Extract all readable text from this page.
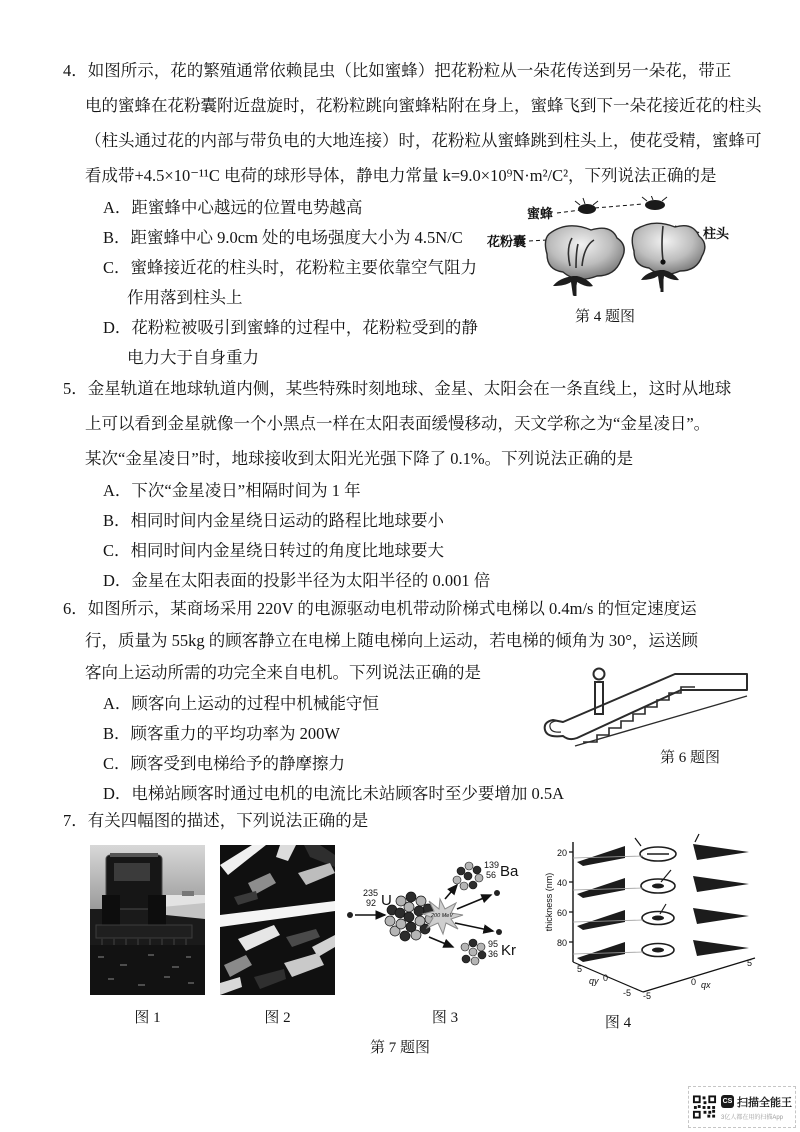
4．如图所示，花的繁殖通常依赖昆虫（比如蜜蜂）把花粉粒从一朵花传送到另一朵花，带正
电的蜜蜂在花粉囊附近盘旋时，花粉粒跳向蜜蜂粘附在身上，蜜蜂飞到下一朵花接近花的柱头
（柱头通过花的内部与带负电的大地连接）时，花粉粒从蜜蜂跳到柱头上，使花受精，蜜蜂可
看成带+4.5×10⁻¹¹C 电荷的球形导体，静电力常量 k=9.0×10⁹N·m²/C²，下列说法正确的是
A．距蜜蜂中心越远的位置电势越高
B．距蜜蜂中心 9.0cm 处的电场强度大小为 4.5N/C
C．蜜蜂接近花的柱头时，花粉粒主要依靠空气阻力
作用落到柱头上
D．花粉粒被吸引到蜜蜂的过程中，花粉粒受到的静
电力大于自身重力
蜜蜂
花粉囊
柱头
第 4 题图
5．金星轨道在地球轨道内侧，某些特殊时刻地球、金星、太阳会在一条直线上，这时从地球
上可以看到金星就像一个小黑点一样在太阳表面缓慢移动，天文学称之为“金星凌日”。
某次“金星凌日”时，地球接收到太阳光光强下降了 0.1%。下列说法正确的是
A．下次“金星凌日”相隔时间为 1 年
B．相同时间内金星绕日运动的路程比地球要小
C．相同时间内金星绕日转过的角度比地球要大
D．金星在太阳表面的投影半径为太阳半径的 0.001 倍
6．如图所示，某商场采用 220V 的电源驱动电机带动阶梯式电梯以 0.4m/s 的恒定速度运
行，质量为 55kg 的顾客静立在电梯上随电梯向上运动，若电梯的倾角为 30°，运送顾
客向上运动所需的功完全来自电机。下列说法正确的是
A．顾客向上运动的过程中机械能守恒
B．顾客重力的平均功率为 200W
C．顾客受到电梯给予的静摩擦力
D．电梯站顾客时通过电机的电流比未站顾客时至少要增加 0.5A
第 6 题图
7．有关四幅图的描述，下列说法正确的是
图 1	图 2
235
92 U
200 MeV
139
56 Ba
95
36 Kr
图 3
20
40
60
80
thickness (nm)
5
qy 0
-5 -5
0 qx
5
图 4
第 7 题图
CS 扫描全能王
3亿人都在用的扫描App
